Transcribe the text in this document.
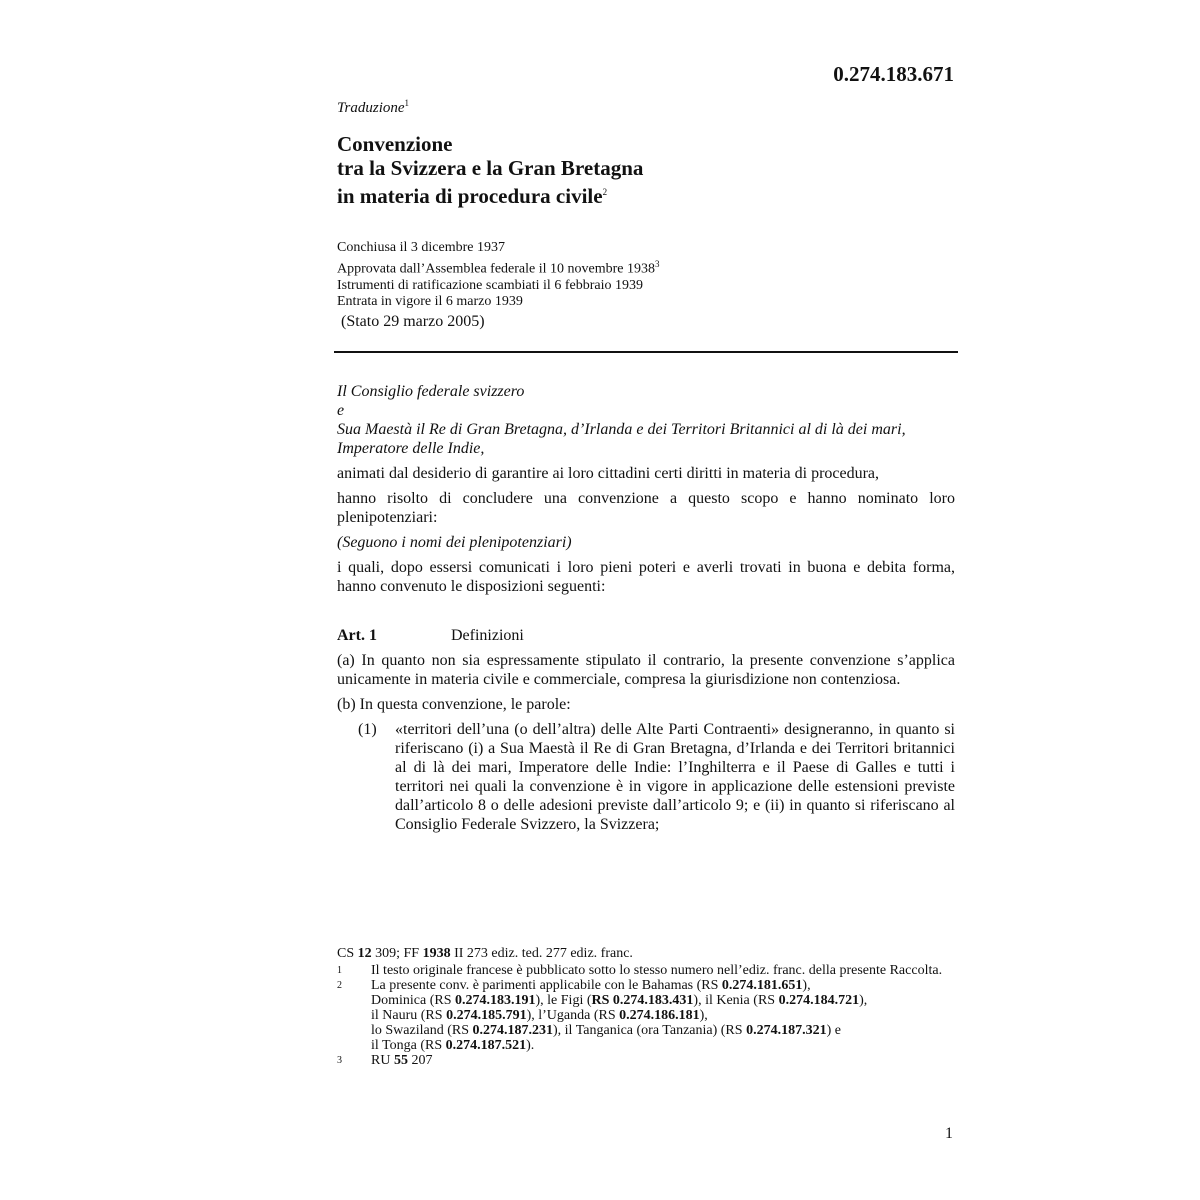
0.274.183.671
Traduzione$^1$
Convenzione
tra la Svizzera e la Gran Bretagna
in materia di procedura civile$^2$
Conchiusa il 3 dicembre 1937
Approvata dall’Assemblea federale il 10 novembre 1938$^3$
Istrumenti di ratificazione scambiati il 6 febbraio 1939
Entrata in vigore il 6 marzo 1939
(Stato 29 marzo 2005)

Il Consiglio federale svizzero

e

Sua Maestà il Re di Gran Bretagna, d’Irlanda e dei Territori Britannici al di là dei mari, Imperatore delle Indie,

animati dal desiderio di garantire ai loro cittadini certi diritti in materia di procedura,

hanno risolto di concludere una convenzione a questo scopo e hanno nominato loro plenipotenziari:

(Seguono i nomi dei plenipotenziari)

i quali, dopo essersi comunicati i loro pieni poteri e averli trovati in buona e debita forma, hanno convenuto le disposizioni seguenti:

Art. 1	Definizioni

(a) In quanto non sia espressamente stipulato il contrario, la presente convenzione s’applica unicamente in materia civile e commerciale, compresa la giurisdizione non contenziosa.

(b) In questa convenzione, le parole:

(1)	«territori dell’una (o dell’altra) delle Alte Parti Contraenti» designeranno, in quanto si riferiscano (i) a Sua Maestà il Re di Gran Bretagna, d’Irlanda e dei Territori britannici al di là dei mari, Imperatore delle Indie: l’Inghilterra e il Paese di Galles e tutti i territori nei quali la convenzione è in vigore in applicazione delle estensioni previste dall’articolo 8 o delle adesioni previste dall’articolo 9; e (ii) in quanto si riferiscano al Consiglio Federale Svizzero, la Svizzera;
CS 12 309; FF 1938 II 273 ediz. ted. 277 ediz. franc.
1	Il testo originale francese è pubblicato sotto lo stesso numero nell’ediz. franc. della presente Raccolta.
2	La presente conv. è parimenti applicabile con le Bahamas (RS 0.274.181.651),
Dominica (RS 0.274.183.191), le Figi (RS 0.274.183.431), il Kenia (RS 0.274.184.721),
il Nauru (RS 0.274.185.791), l’Uganda (RS 0.274.186.181),
lo Swaziland (RS 0.274.187.231), il Tanganica (ora Tanzania) (RS 0.274.187.321) e
il Tonga (RS 0.274.187.521).
3	RU 55 207
1
